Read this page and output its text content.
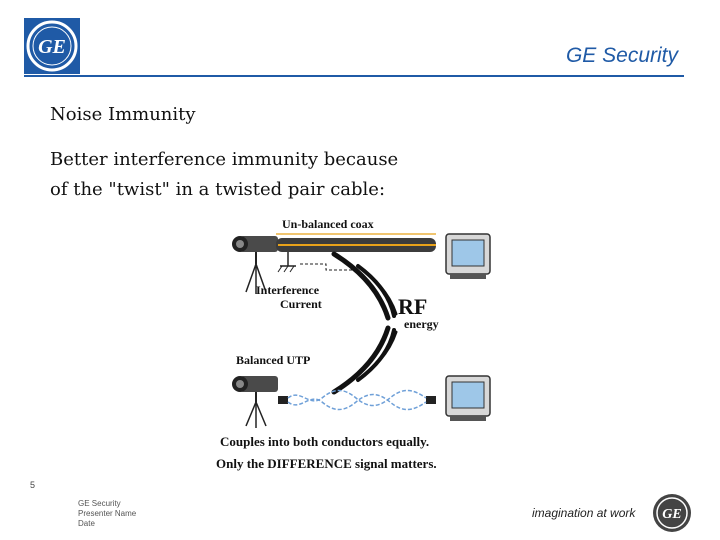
GE	GE Security
Noise Immunity
Better interference immunity because
of the "twist" in a twisted pair cable:
Un-balanced coax
Interference
Current	RF
energy
Balanced UTP
Couples into both conductors equally.
Only the DIFFERENCE signal matters.
5
GE Security
Presenter Name
Date
imagination at work GE
